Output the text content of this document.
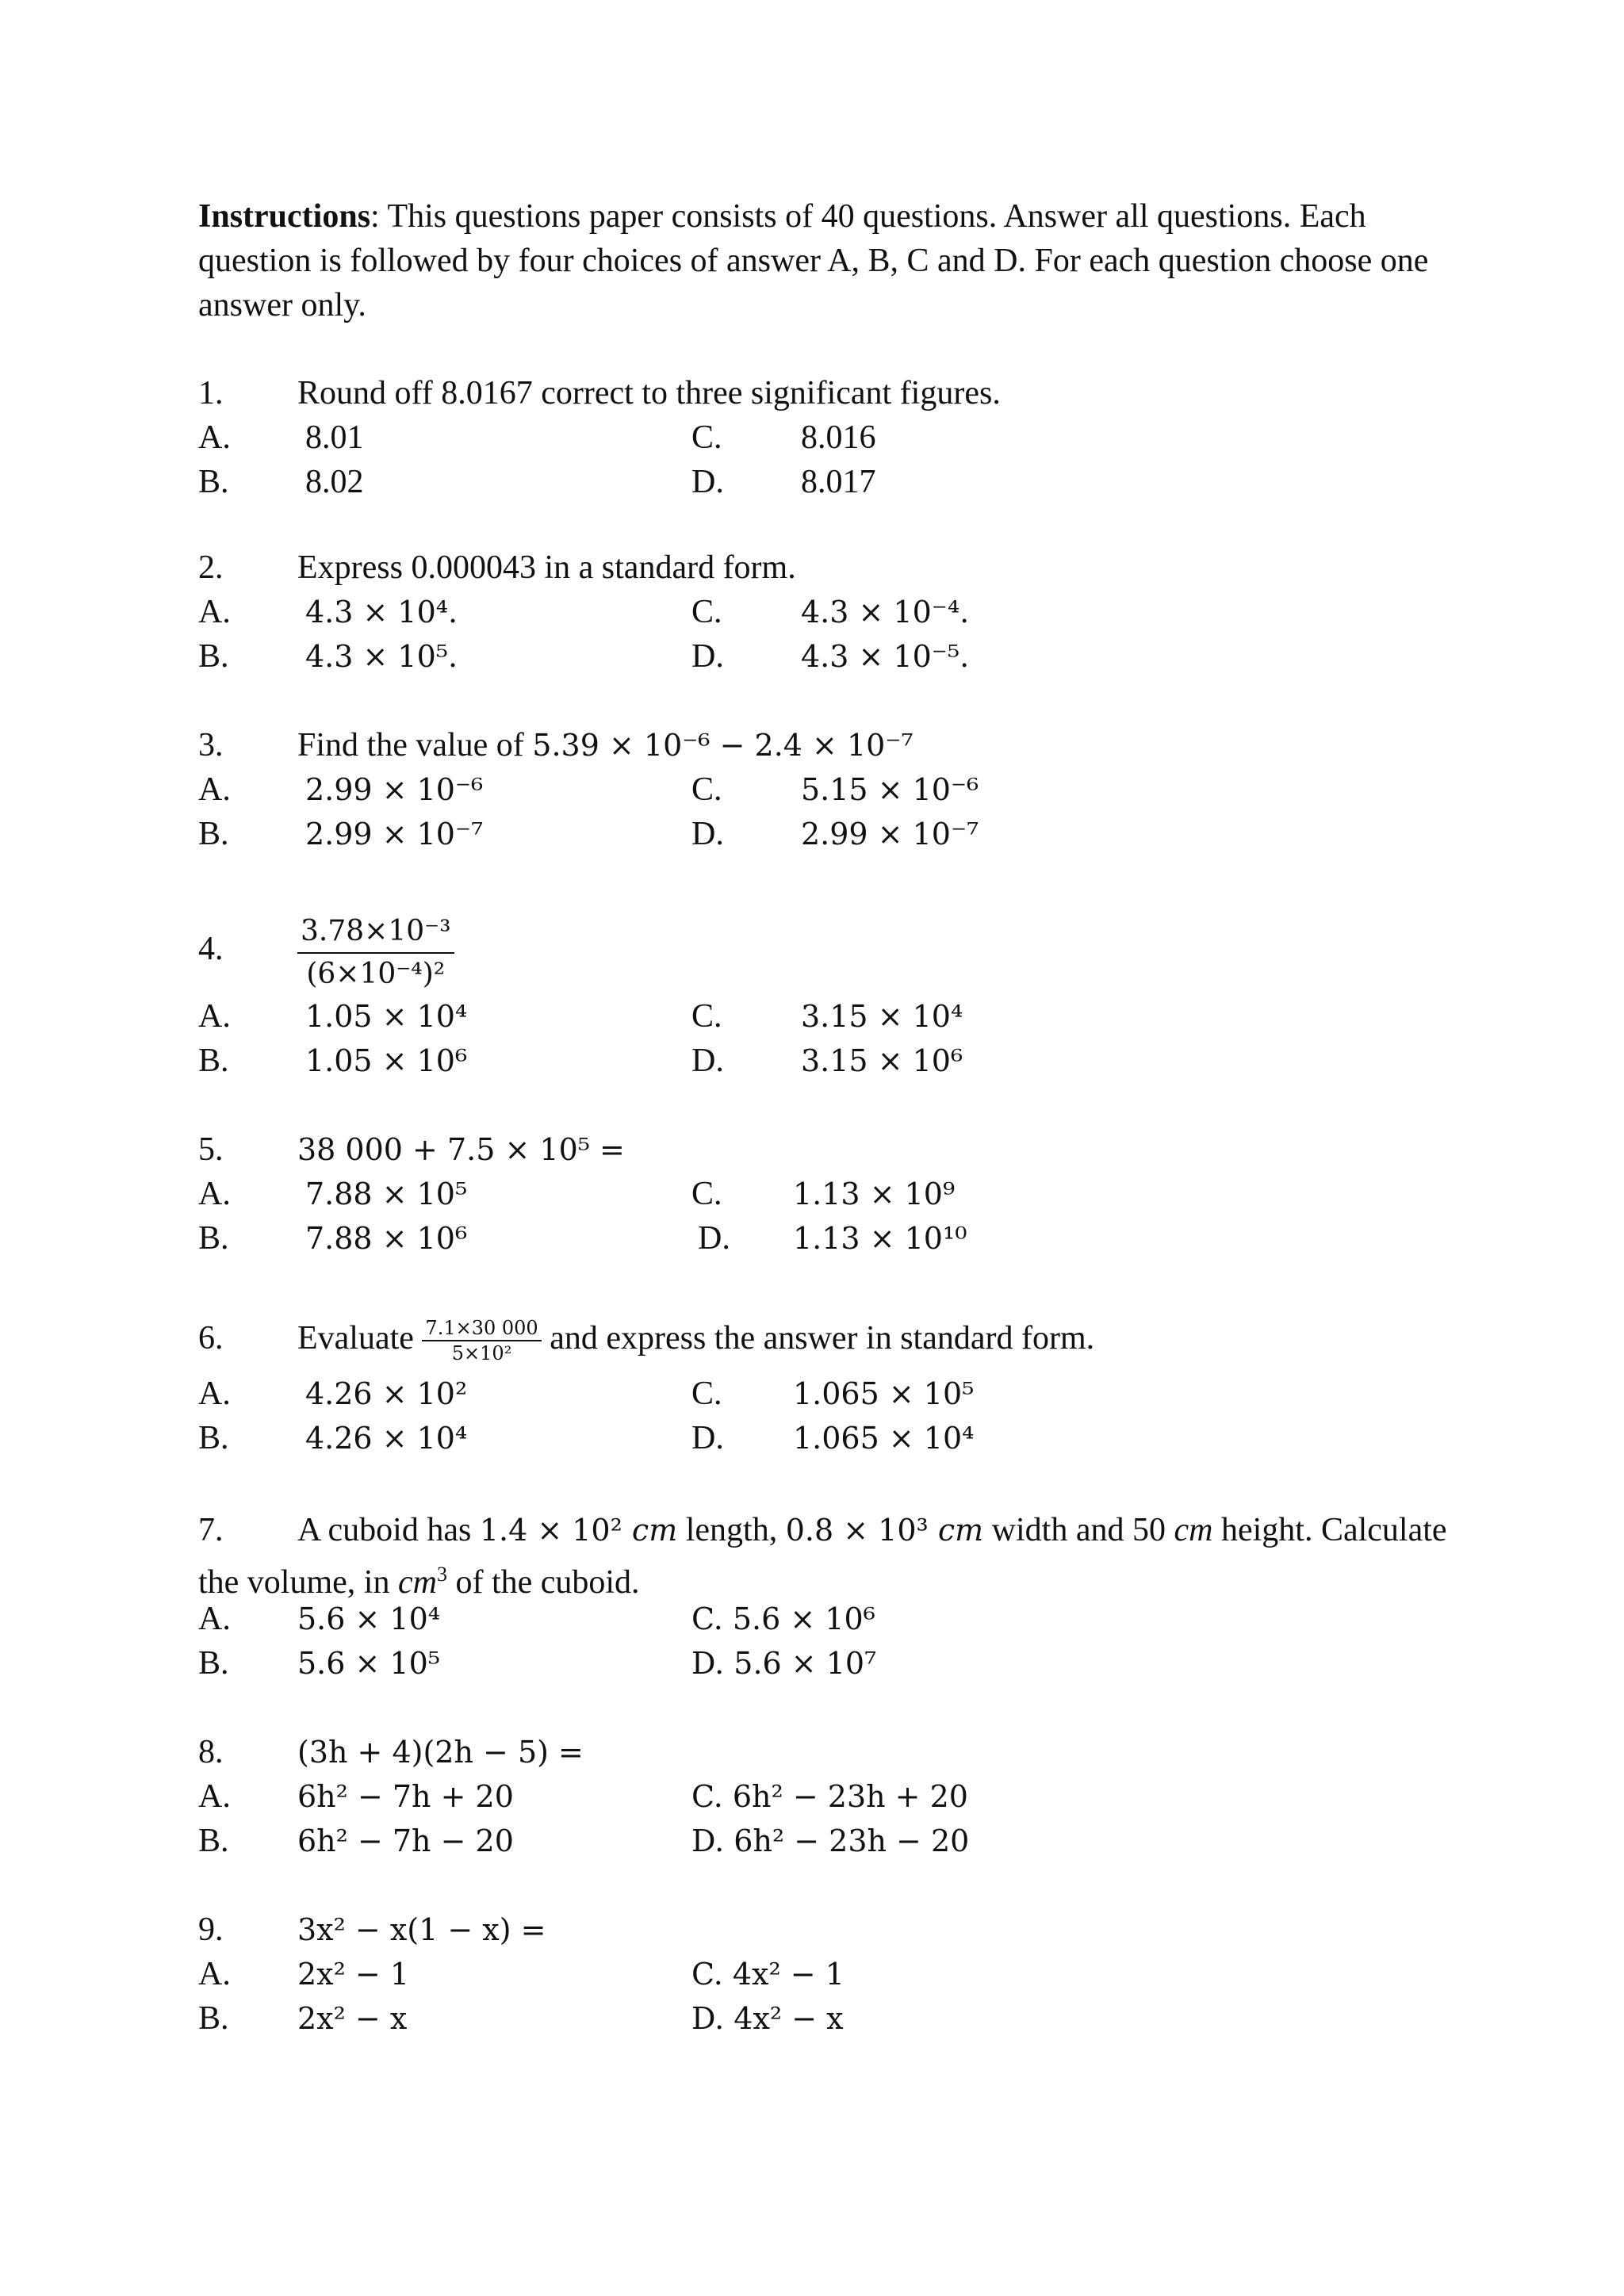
Instructions: This questions paper consists of 40 questions. Answer all questions. Each question is followed by four choices of answer A, B, C and D. For each question choose one answer only.
1. Round off 8.0167 correct to three significant figures.
A. 8.01	C. 8.016
B. 8.02	D. 8.017
2. Express 0.000043 in a standard form.
A. 4.3 × 10⁴.	C.	4.3 × 10⁻⁴.
B.	4.3 × 10⁵.	D.	4.3 × 10⁻⁵.
3. Find the value of 5.39 × 10⁻⁶ − 2.4 × 10⁻⁷
A. 2.99 × 10⁻⁶	C.	5.15 × 10⁻⁶
B.	2.99 × 10⁻⁷	D.	2.99 × 10⁻⁷
4.	$\frac{\text{3.78×10⁻³}}{\text{(6×10⁻⁴)²}}$
A. 1.05 × 10⁴	C.	3.15 × 10⁴
B.	1.05 × 10⁶	D.	3.15 × 10⁶
5. 38 000 + 7.5 × 10⁵ =
A. 7.88 × 10⁵	C. 1.13 × 10⁹
B.	7.88 × 10⁶	D. 1.13 × 10¹⁰
6. Evaluate $\frac{7.1\times 30 000}{\text{5×10²}}$ and express the answer in standard form.
A. 4.26 × 10²	C. 1.065 × 10⁵
B.	4.26 × 10⁴	D. 1.065 × 10⁴
7. A cuboid has 1.4 × 10² cm length, 0.8 × 10³ cm width and 50 cm height. Calculate
the volume, in $cm^3$ of the cuboid.
A. 5.6 × 10⁴	C. 5.6 × 10⁶
B. 5.6 × 10⁵	D. 5.6 × 10⁷
8. (3h + 4)(2h − 5) =
A. 6h² − 7h + 20	C. 6h² − 23h + 20
B. 6h² − 7h − 20	D. 6h² − 23h − 20
9. 3x² − x(1 − x) =
A. 2x² − 1	C. 4x² − 1
B. 2x² − x	D. 4x² − x
